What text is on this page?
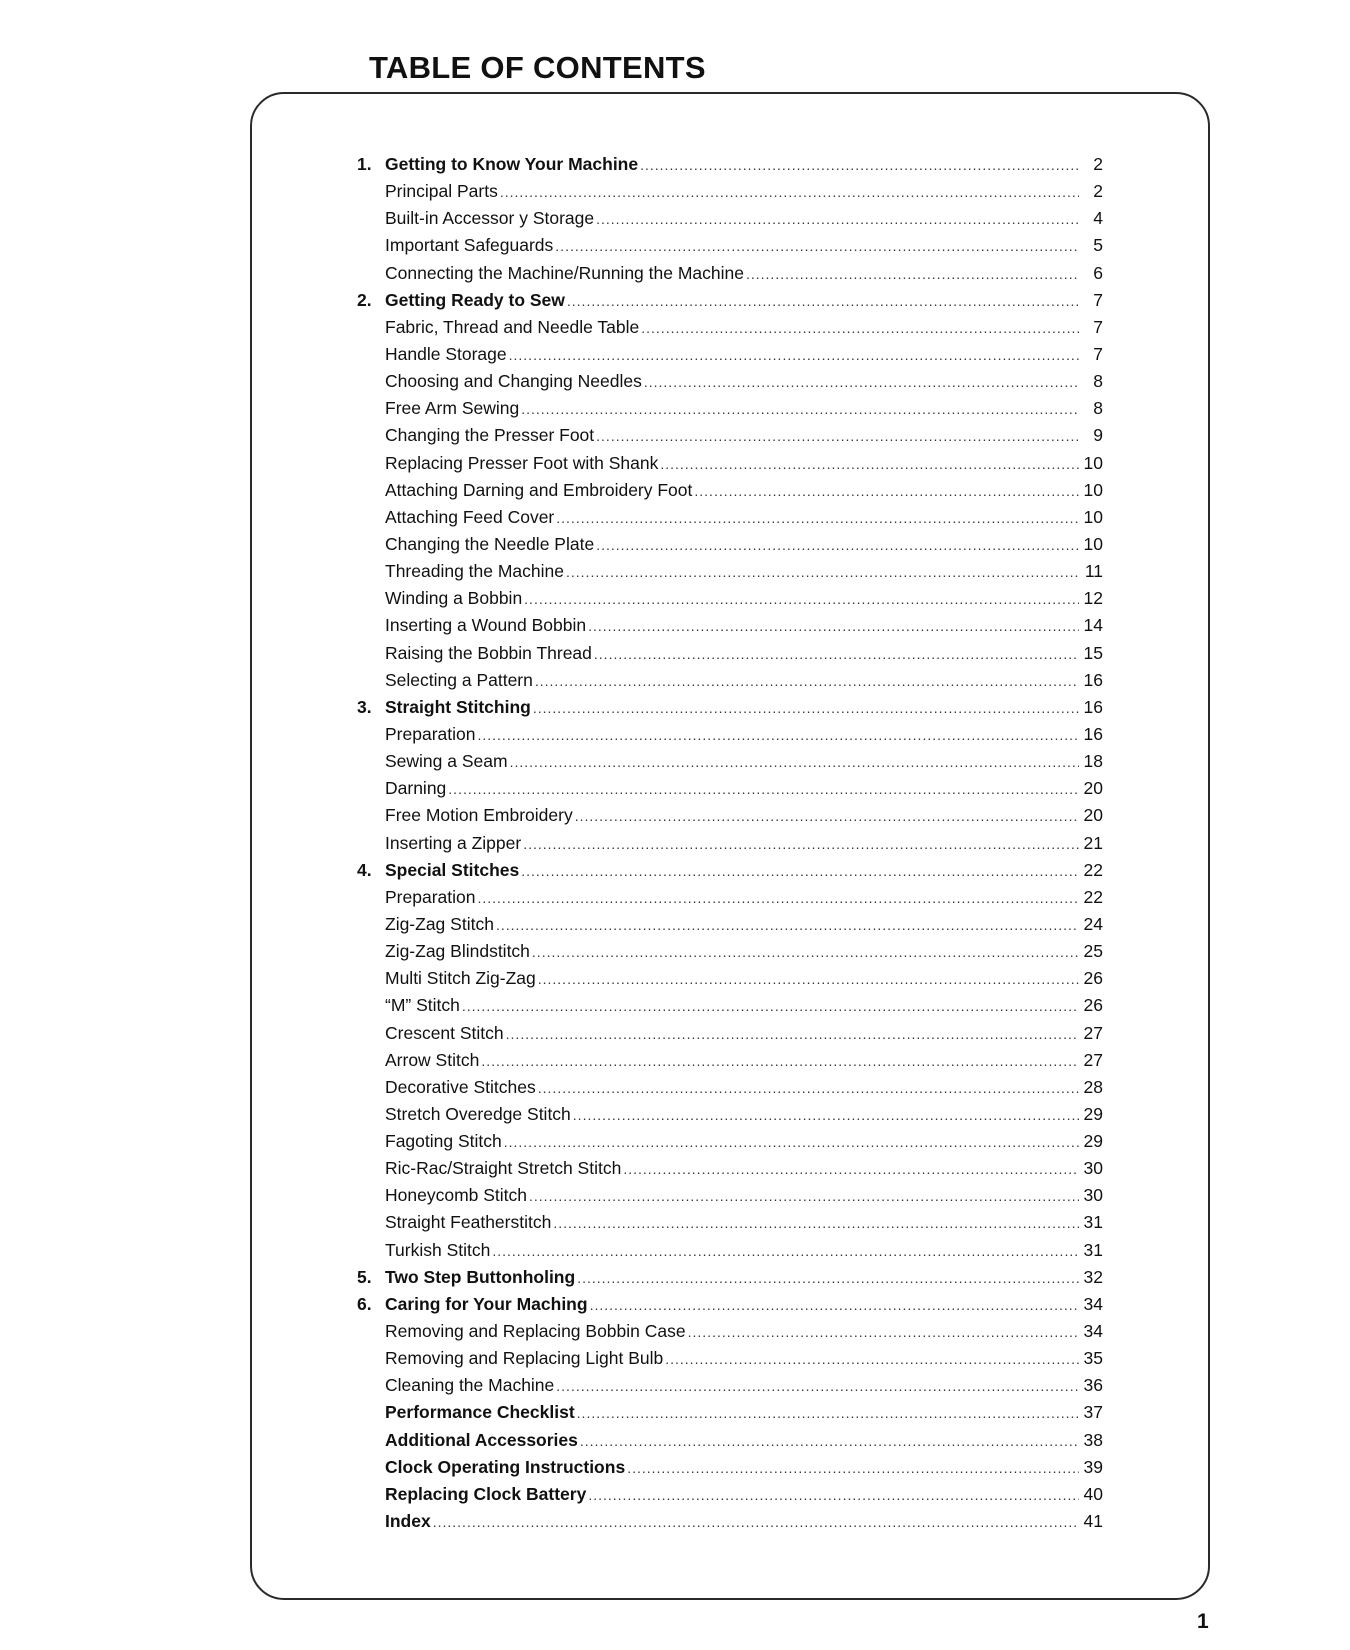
TABLE OF CONTENTS
1. Getting to Know Your Machine .....	2
Principal Parts .....	2
Built-in Accessor y Storage .....	4
Important Safeguards .....	5
Connecting the Machine/Running the Machine .....	6
2. Getting Ready to Sew .....	7
Fabric, Thread and Needle Table .....	7
Handle Storage .....	7
Choosing and Changing Needles .....	8
Free Arm Sewing .....	8
Changing the Presser Foot .....	9
Replacing Presser Foot with Shank .....	10
Attaching Darning and Embroidery Foot .....	10
Attaching Feed Cover .....	10
Changing the Needle Plate .....	10
Threading the Machine .....	11
Winding a Bobbin .....	12
Inserting a Wound Bobbin .....	14
Raising the Bobbin Thread .....	15
Selecting a Pattern .....	16
3. Straight Stitching .....	16
Preparation .....	16
Sewing a Seam .....	18
Darning .....	20
Free Motion Embroidery .....	20
Inserting a Zipper .....	21
4. Special Stitches .....	22
Preparation .....	22
Zig-Zag Stitch .....	24
Zig-Zag Blindstitch .....	25
Multi Stitch Zig-Zag .....	26
“M” Stitch .....	26
Crescent Stitch .....	27
Arrow Stitch .....	27
Decorative Stitches .....	28
Stretch Overedge Stitch .....	29
Fagoting Stitch .....	29
Ric-Rac/Straight Stretch Stitch .....	30
Honeycomb Stitch .....	30
Straight Featherstitch .....	31
Turkish Stitch .....	31
5. Two Step Buttonholing .....	32
6. Caring for Your Maching .....	34
Removing and Replacing Bobbin Case .....	34
Removing and Replacing Light Bulb .....	35
Cleaning the Machine .....	36
Performance Checklist .....	37
Additional Accessories .....	38
Clock Operating Instructions .....	39
Replacing Clock Battery .....	40
Index .....	41
1
